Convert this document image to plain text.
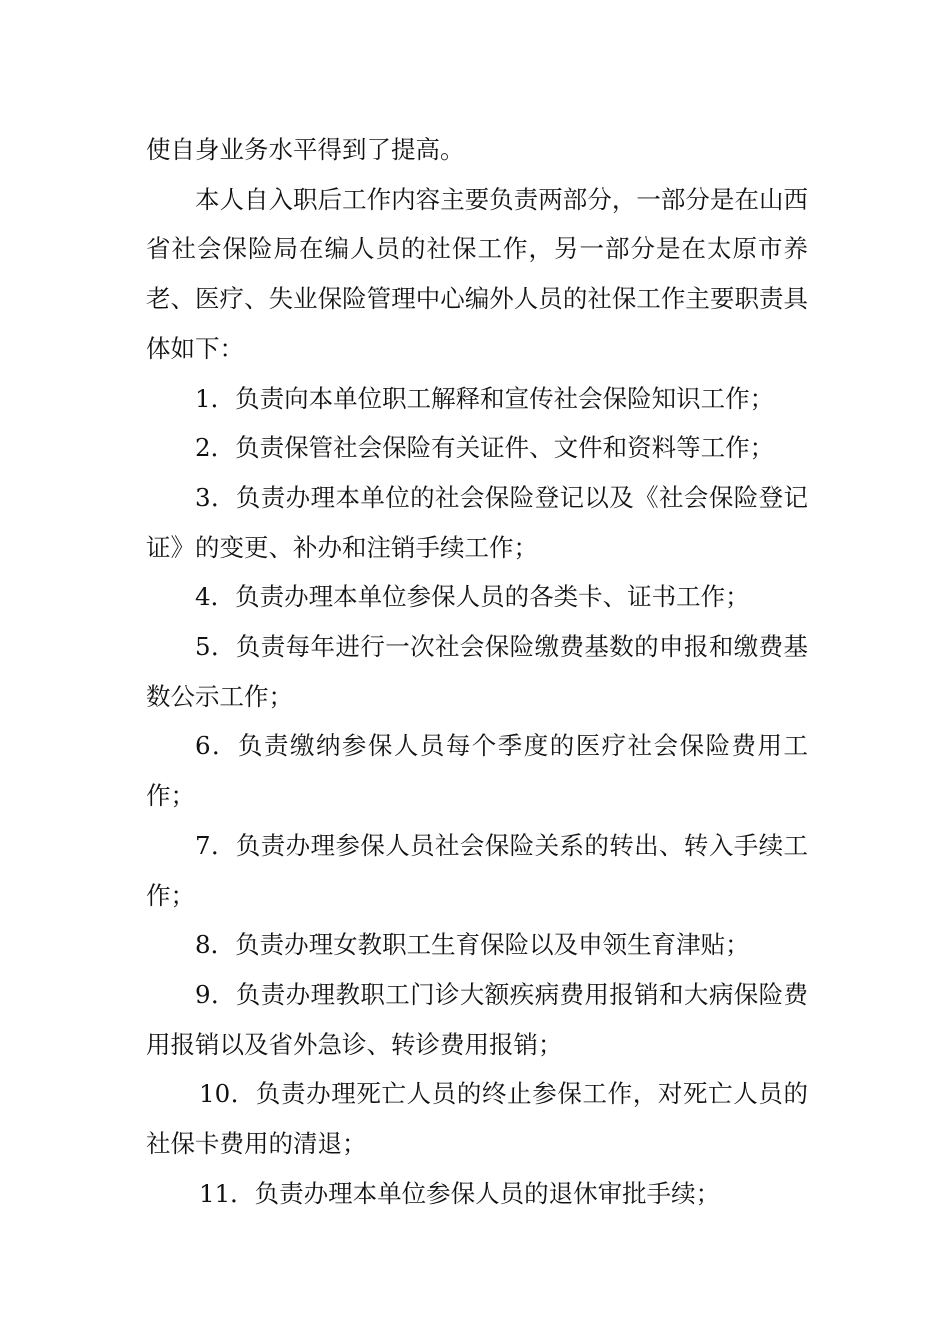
使自身业务水平得到了提高。

本人自入职后工作内容主要负责两部分，一部分是在山西省社会保险局在编人员的社保工作，另一部分是在太原市养老、医疗、失业保险管理中心编外人员的社保工作主要职责具体如下：

1．负责向本单位职工解释和宣传社会保险知识工作；

2．负责保管社会保险有关证件、文件和资料等工作；

3．负责办理本单位的社会保险登记以及《社会保险登记证》的变更、补办和注销手续工作；

4．负责办理本单位参保人员的各类卡、证书工作；

5．负责每年进行一次社会保险缴费基数的申报和缴费基数公示工作；

6．负责缴纳参保人员每个季度的医疗社会保险费用工作；

7．负责办理参保人员社会保险关系的转出、转入手续工作；

8．负责办理女教职工生育保险以及申领生育津贴；

9．负责办理教职工门诊大额疾病费用报销和大病保险费用报销以及省外急诊、转诊费用报销；

10．负责办理死亡人员的终止参保工作，对死亡人员的社保卡费用的清退；

11．负责办理本单位参保人员的退休审批手续；
